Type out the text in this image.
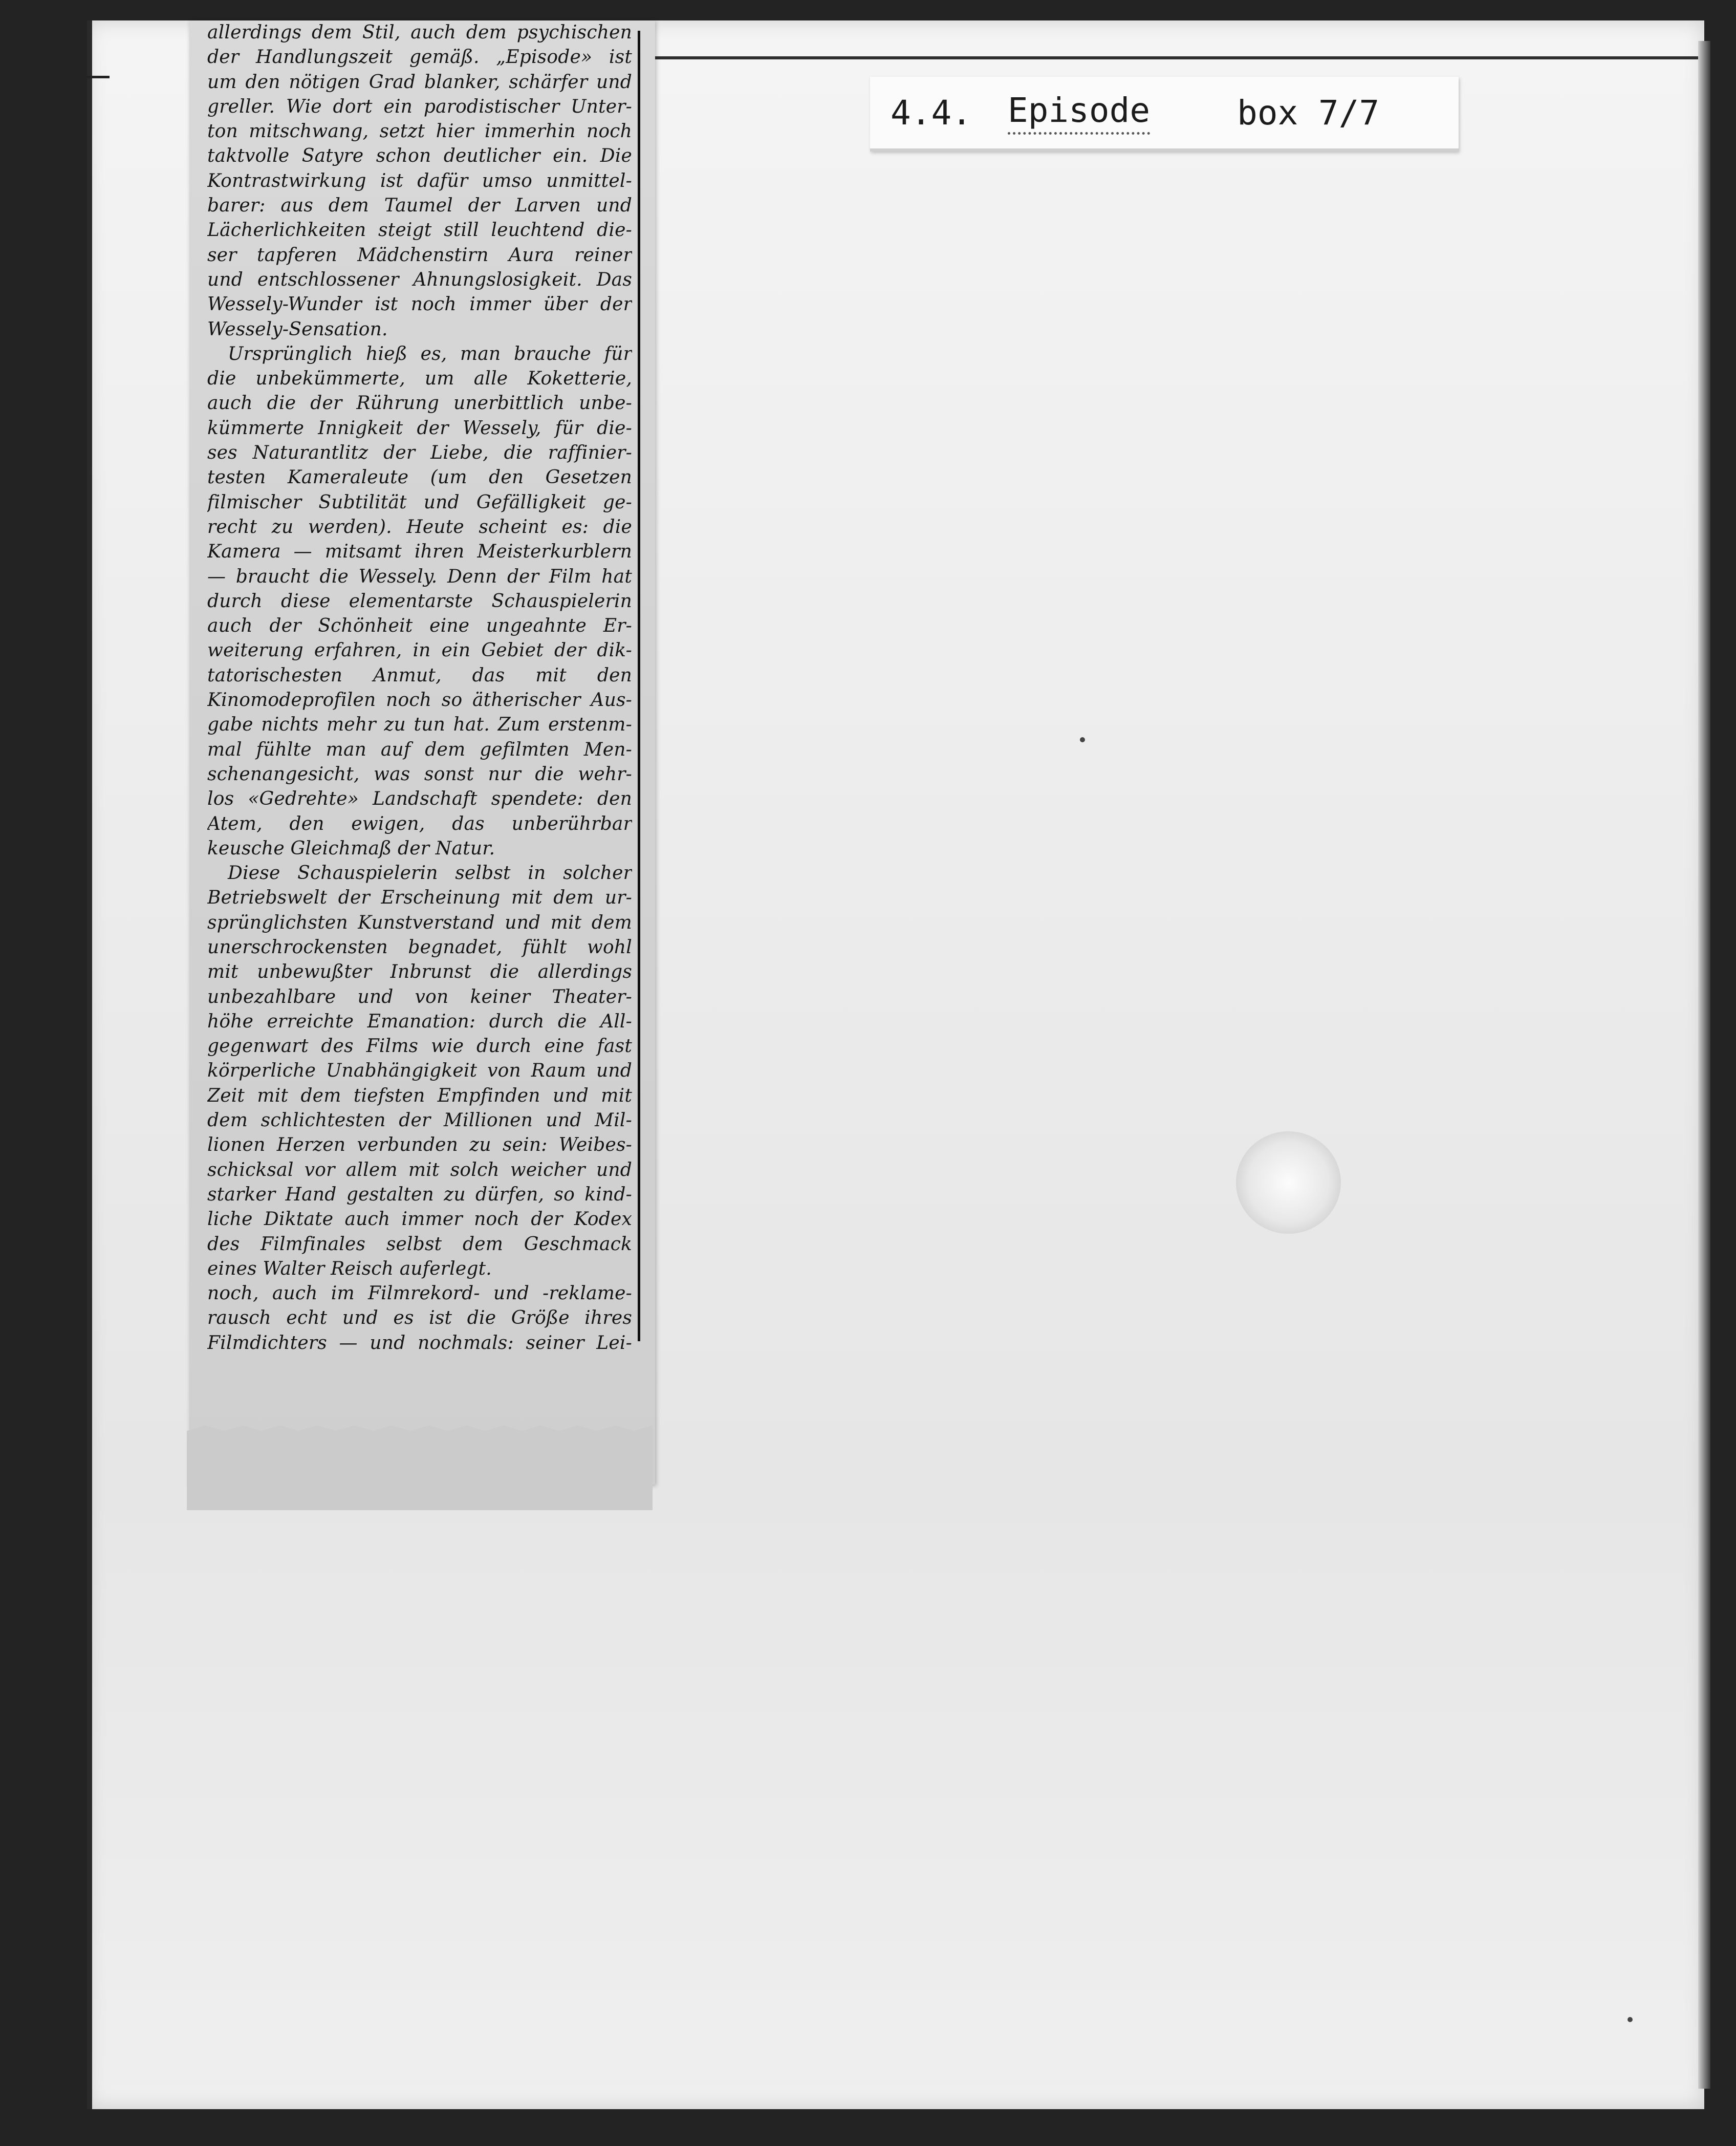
4.4. Episode	box 7/7
allerdings dem Stil, auch dem psychischen
der Handlungszeit gemäß. „Episode» ist
um den nötigen Grad blanker, schärfer und
greller. Wie dort ein parodistischer Unter-
ton mitschwang, setzt hier immerhin noch
taktvolle Satyre schon deutlicher ein. Die
Kontrastwirkung ist dafür umso unmittel-
barer: aus dem Taumel der Larven und
Lächerlichkeiten steigt still leuchtend die-
ser tapferen Mädchenstirn Aura reiner
und entschlossener Ahnungslosigkeit. Das
Wessely-Wunder ist noch immer über der
Wessely-Sensation.
Ursprünglich hieß es, man brauche für
die unbekümmerte, um alle Koketterie,
auch die der Rührung unerbittlich unbe-
kümmerte Innigkeit der Wessely, für die-
ses Naturantlitz der Liebe, die raffinier-
testen Kameraleute (um den Gesetzen
filmischer Subtilität und Gefälligkeit ge-
recht zu werden). Heute scheint es: die
Kamera — mitsamt ihren Meisterkurblern
— braucht die Wessely. Denn der Film hat
durch diese elementarste Schauspielerin
auch der Schönheit eine ungeahnte Er-
weiterung erfahren, in ein Gebiet der dik-
tatorischesten Anmut, das mit den
Kinomodeprofilen noch so ätherischer Aus-
gabe nichts mehr zu tun hat. Zum erstenm-
mal fühlte man auf dem gefilmten Men-
schenangesicht, was sonst nur die wehr-
los «Gedrehte» Landschaft spendete: den
Atem, den ewigen, das unberührbar
keusche Gleichmaß der Natur.
Diese Schauspielerin selbst in solcher
Betriebswelt der Erscheinung mit dem ur-
sprünglichsten Kunstverstand und mit dem
unerschrockensten begnadet, fühlt wohl
mit unbewußter Inbrunst die allerdings
unbezahlbare und von keiner Theater-
höhe erreichte Emanation: durch die All-
gegenwart des Films wie durch eine fast
körperliche Unabhängigkeit von Raum und
Zeit mit dem tiefsten Empfinden und mit
dem schlichtesten der Millionen und Mil-
lionen Herzen verbunden zu sein: Weibes-
schicksal vor allem mit solch weicher und
starker Hand gestalten zu dürfen, so kind-
liche Diktate auch immer noch der Kodex
des Filmfinales selbst dem Geschmack
eines Walter Reisch auferlegt.
noch, auch im Filmrekord- und -reklame-
rausch echt und es ist die Größe ihres
Filmdichters — und nochmals: seiner Lei-
